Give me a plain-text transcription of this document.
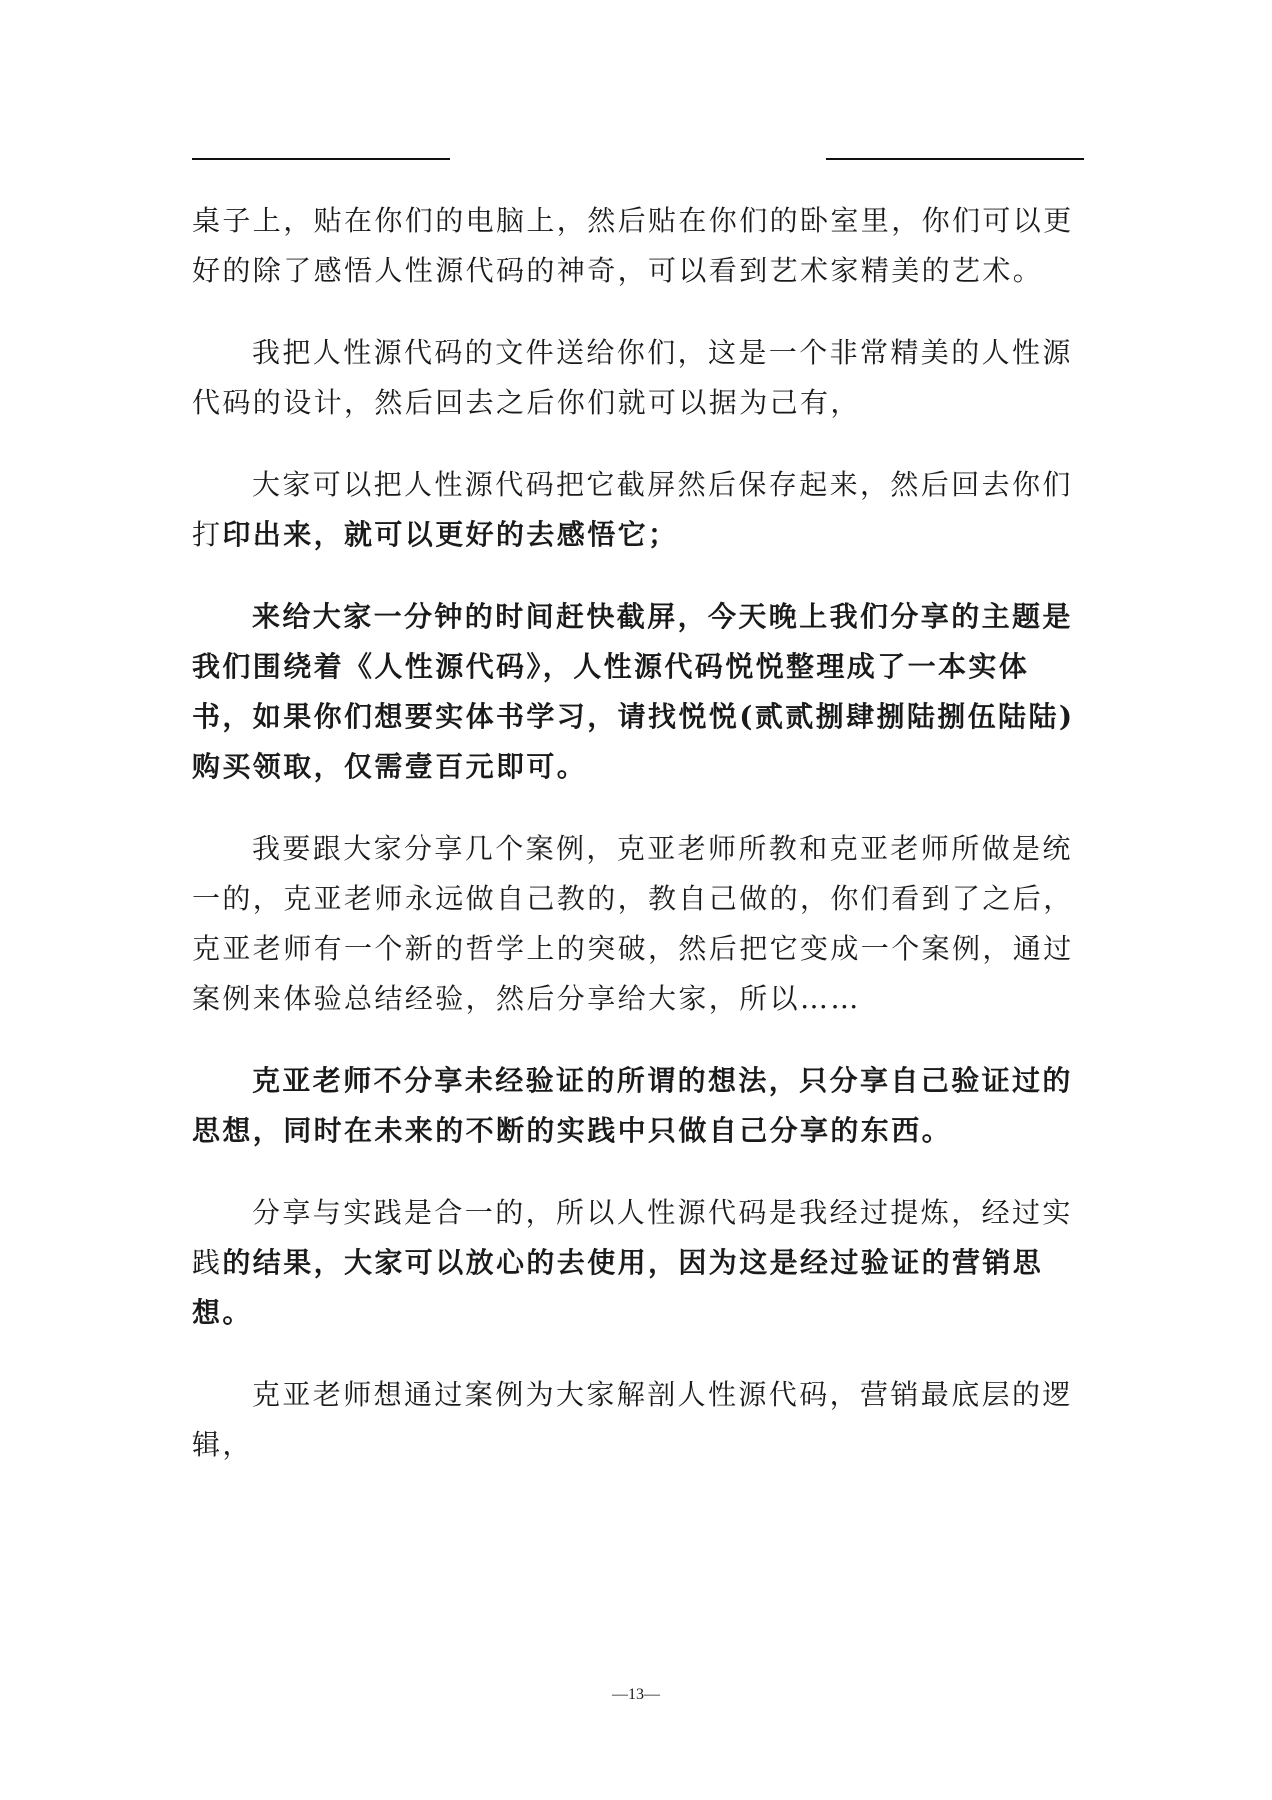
桌子上，贴在你们的电脑上，然后贴在你们的卧室里，你们可以更好的除了感悟人性源代码的神奇，可以看到艺术家精美的艺术。

我把人性源代码的文件送给你们，这是一个非常精美的人性源代码的设计，然后回去之后你们就可以据为己有，

大家可以把人性源代码把它截屏然后保存起来，然后回去你们打印出来，就可以更好的去感悟它；

来给大家一分钟的时间赶快截屏，今天晚上我们分享的主题是我们围绕着《人性源代码》，人性源代码悦悦整理成了一本实体书，如果你们想要实体书学习，请找悦悦(贰贰捌肆捌陆捌伍陆陆)购买领取，仅需壹百元即可。

我要跟大家分享几个案例，克亚老师所教和克亚老师所做是统一的，克亚老师永远做自己教的，教自己做的，你们看到了之后，克亚老师有一个新的哲学上的突破，然后把它变成一个案例，通过案例来体验总结经验，然后分享给大家，所以……

克亚老师不分享未经验证的所谓的想法，只分享自己验证过的思想，同时在未来的不断的实践中只做自己分享的东西。

分享与实践是合一的，所以人性源代码是我经过提炼，经过实践的结果，大家可以放心的去使用，因为这是经过验证的营销思想。

克亚老师想通过案例为大家解剖人性源代码，营销最底层的逻辑，

—13—
